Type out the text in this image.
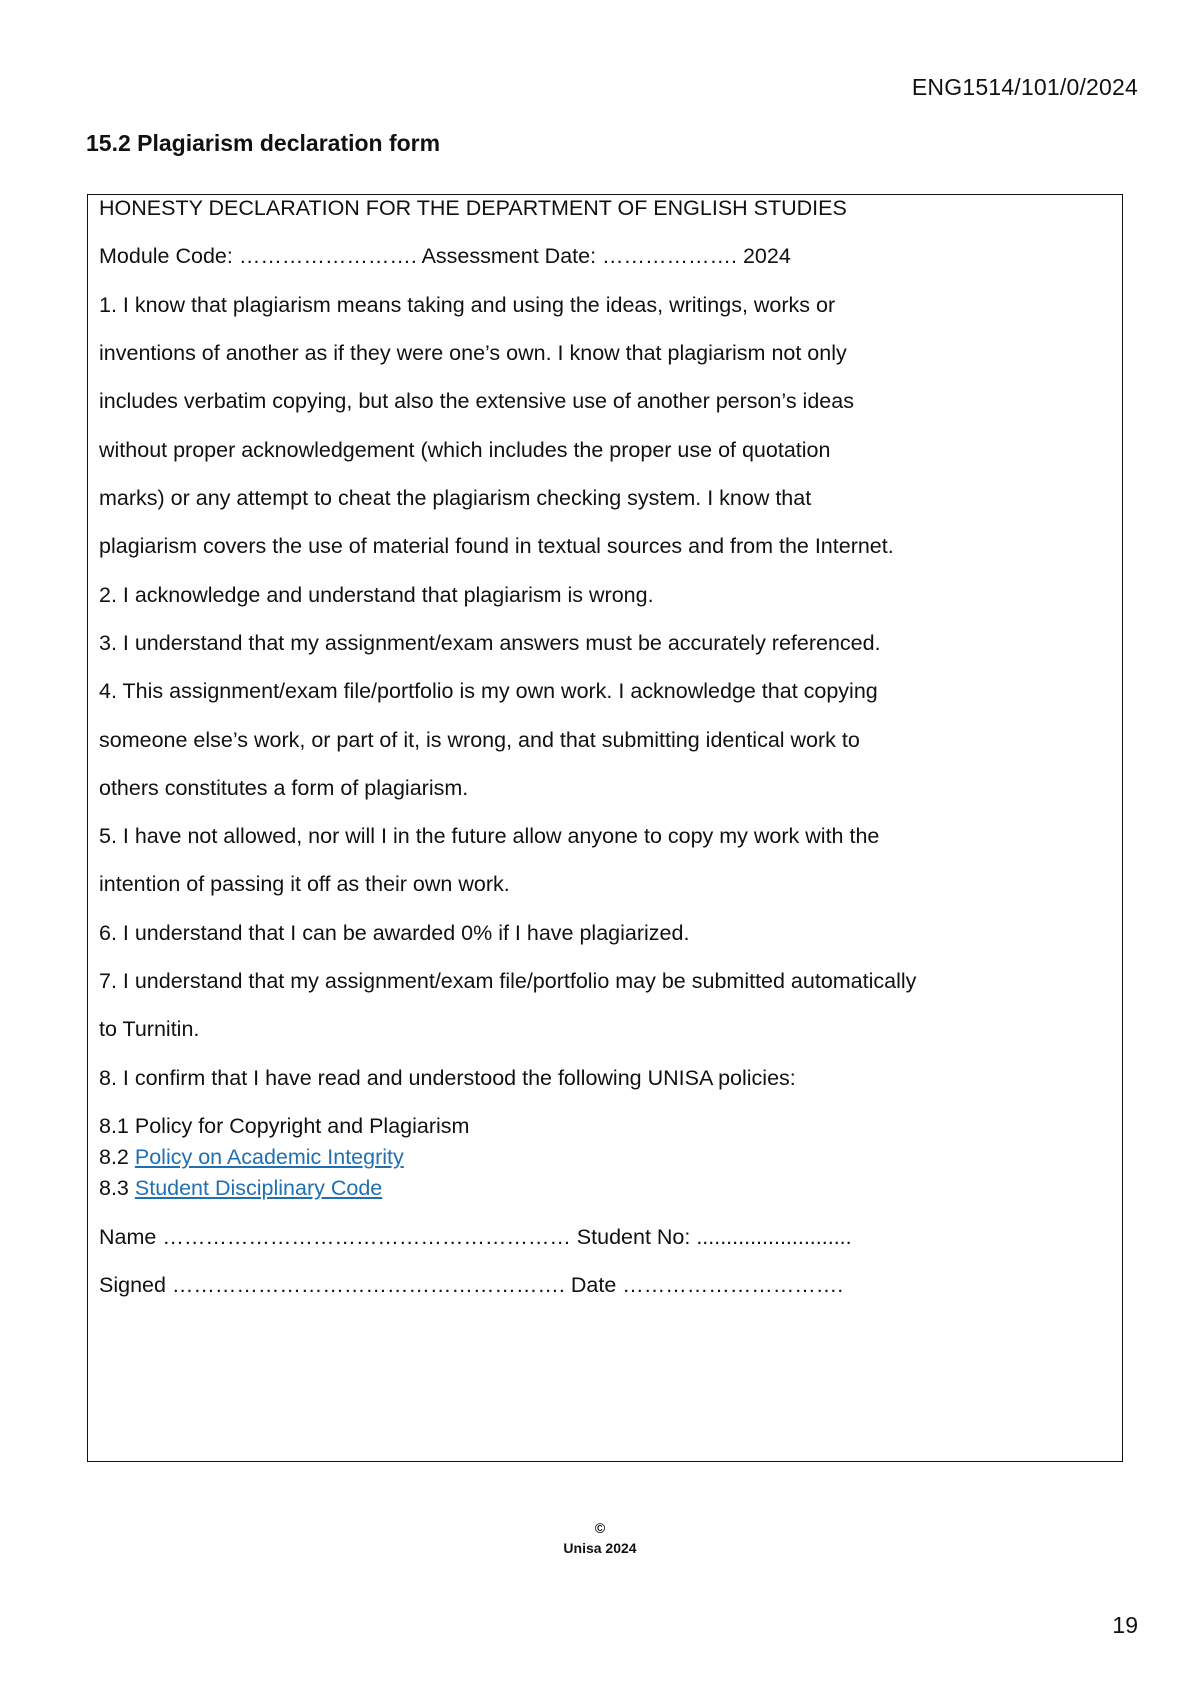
ENG1514/101/0/2024
15.2 Plagiarism declaration form
HONESTY DECLARATION FOR THE DEPARTMENT OF ENGLISH STUDIES
Module Code: ……………………. Assessment Date: ………………. 2024
1. I know that plagiarism means taking and using the ideas, writings, works or
inventions of another as if they were one’s own. I know that plagiarism not only
includes verbatim copying, but also the extensive use of another person’s ideas
without proper acknowledgement (which includes the proper use of quotation
marks) or any attempt to cheat the plagiarism checking system. I know that
plagiarism covers the use of material found in textual sources and from the Internet.
2. I acknowledge and understand that plagiarism is wrong.
3. I understand that my assignment/exam answers must be accurately referenced.
4. This assignment/exam file/portfolio is my own work. I acknowledge that copying
someone else’s work, or part of it, is wrong, and that submitting identical work to
others constitutes a form of plagiarism.
5. I have not allowed, nor will I in the future allow anyone to copy my work with the
intention of passing it off as their own work.
6. I understand that I can be awarded 0% if I have plagiarized.
7. I understand that my assignment/exam file/portfolio may be submitted automatically
to Turnitin.
8. I confirm that I have read and understood the following UNISA policies:
8.1 Policy for Copyright and Plagiarism
8.2 Policy on Academic Integrity
8.3 Student Disciplinary Code
Name ………………………………………………… Student No: ..........................
Signed ………………………………………………. Date ………………………….
©
Unisa 2024
19
